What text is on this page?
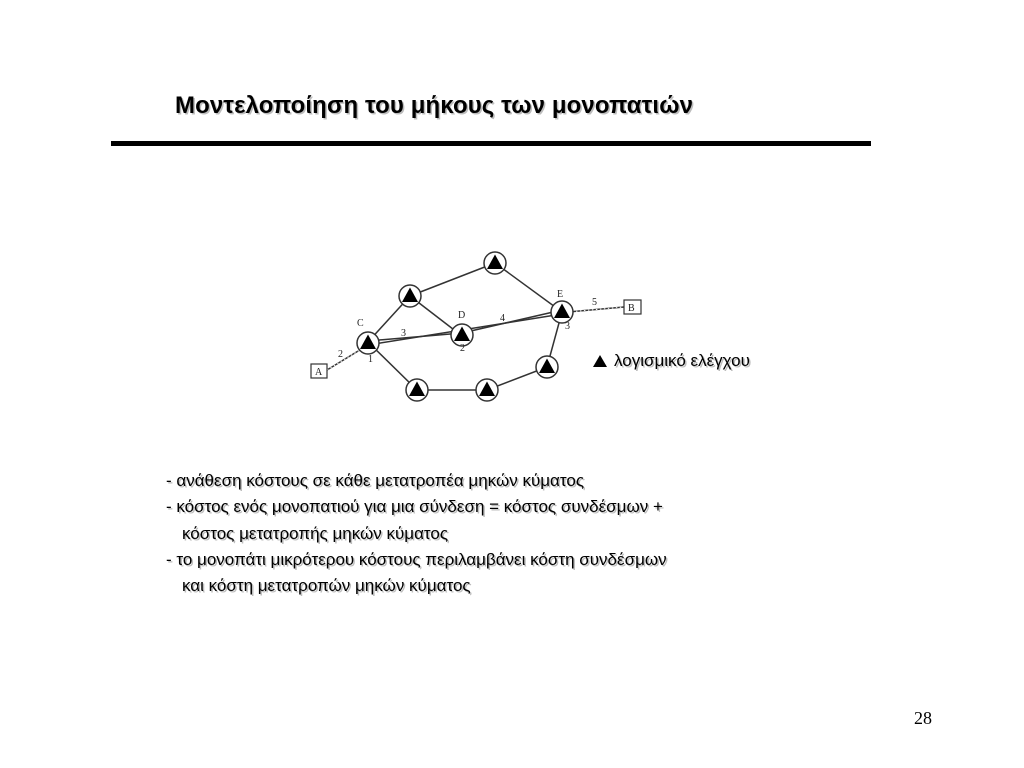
Μοντελοποίηση του μήκους των μονοπατιών
A
B
C
D
E
2
3
4
5
1
2
3
λογισμικό ελέγχου
- ανάθεση κόστους σε κάθε μετατροπέα μηκών κύματος
- κόστος ενός μονοπατιού για μια σύνδεση = κόστος συνδέσμων +
κόστος μετατροπής μηκών κύματος
- το μονοπάτι μικρότερου κόστους περιλαμβάνει κόστη συνδέσμων
και κόστη μετατροπών μηκών κύματος
28
